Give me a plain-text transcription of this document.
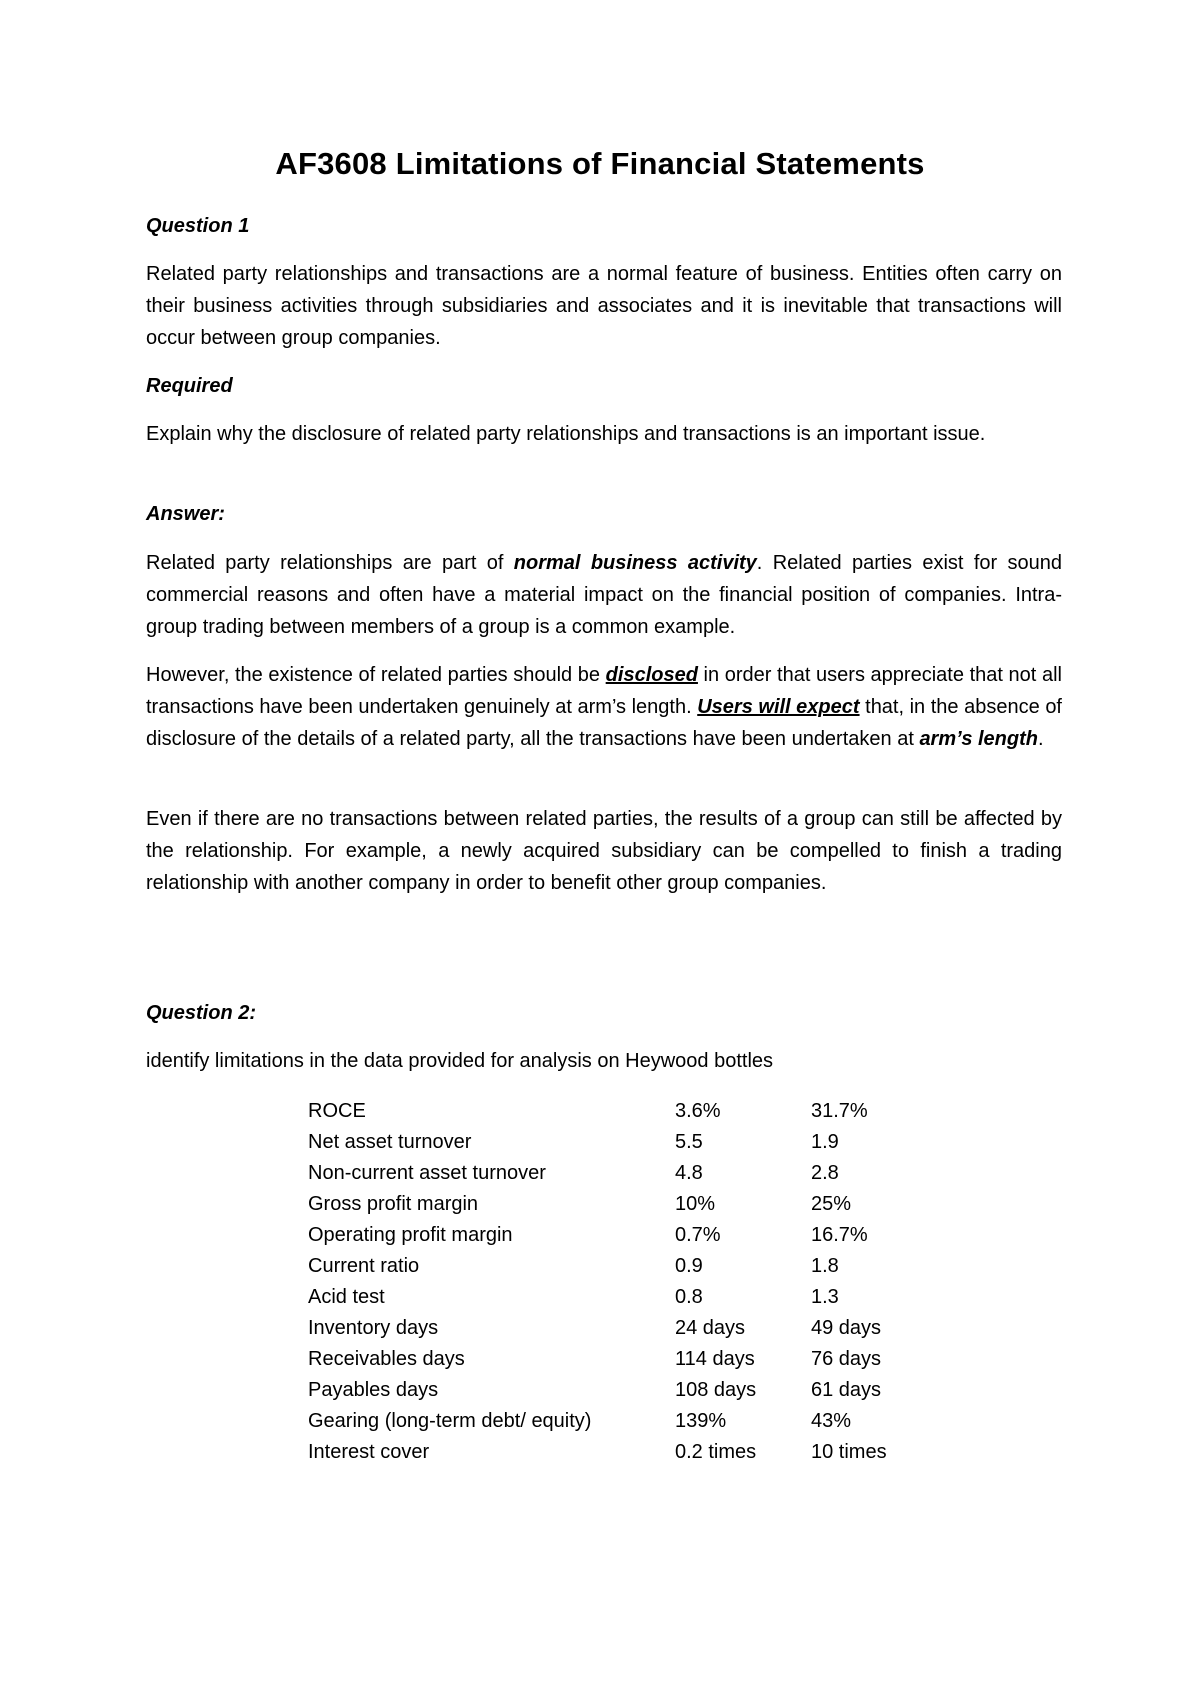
AF3608 Limitations of Financial Statements
Question 1
Related party relationships and transactions are a normal feature of business. Entities often carry on their business activities through subsidiaries and associates and it is inevitable that transactions will occur between group companies.
Required
Explain why the disclosure of related party relationships and transactions is an important issue.
Answer:
Related party relationships are part of normal business activity. Related parties exist for sound commercial reasons and often have a material impact on the financial position of companies. Intra-group trading between members of a group is a common example.
However, the existence of related parties should be disclosed in order that users appreciate that not all transactions have been undertaken genuinely at arm’s length. Users will expect that, in the absence of disclosure of the details of a related party, all the transactions have been undertaken at arm’s length.
Even if there are no transactions between related parties, the results of a group can still be affected by the relationship. For example, a newly acquired subsidiary can be compelled to finish a trading relationship with another company in order to benefit other group companies.
Question 2:
identify limitations in the data provided for analysis on Heywood bottles
ROCE	3.6%	31.7%
Net asset turnover	5.5	1.9
Non-current asset turnover	4.8	2.8
Gross profit margin	10%	25%
Operating profit margin	0.7%	16.7%
Current ratio	0.9	1.8
Acid test	0.8	1.3
Inventory days	24 days	49 days
Receivables days	114 days	76 days
Payables days	108 days	61 days
Gearing (long-term debt/ equity)	139%	43%
Interest cover	0.2 times	10 times
